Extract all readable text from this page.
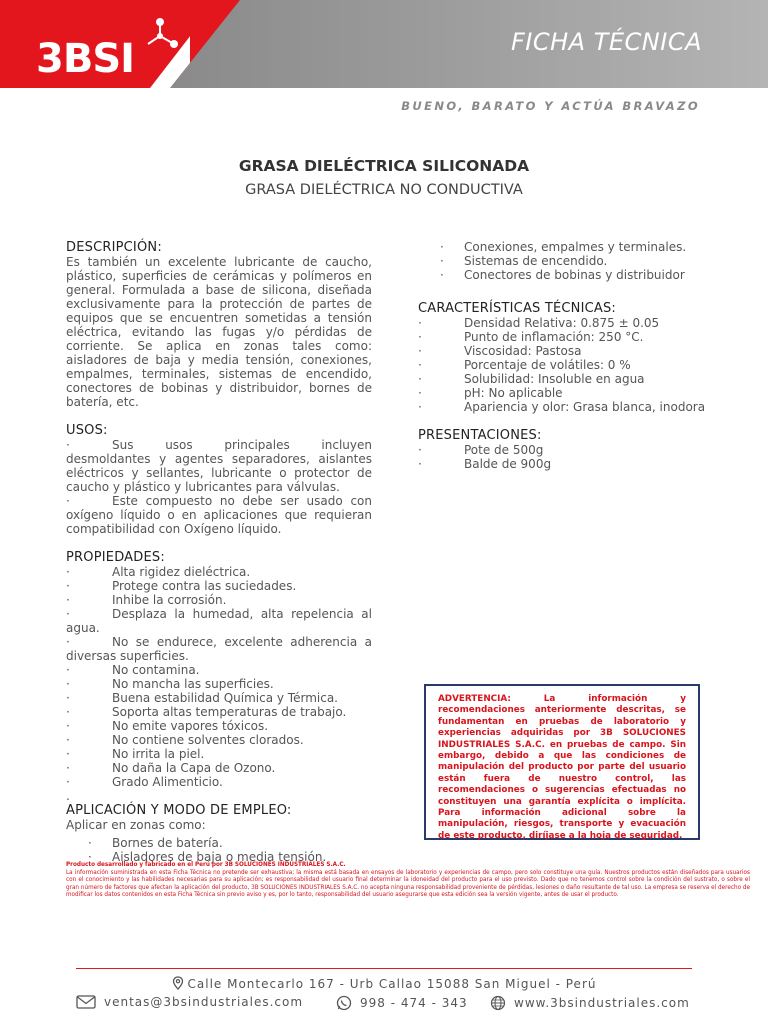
3BSI	FICHA TÉCNICA
BUENO, BARATO Y ACTÚA BRAVAZO
GRASA DIELÉCTRICA SILICONADA
GRASA DIELÉCTRICA NO CONDUCTIVA

DESCRIPCIÓN:

Es también un excelente lubricante de caucho, plástico, superficies de cerámicas y polímeros en general. Formulada a base de silicona, diseñada exclusivamente para la protección de partes de equipos que se encuentren sometidas a tensión eléctrica, evitando las fugas y/o pérdidas de corriente. Se aplica en zonas tales como: aisladores de baja y media tensión, conexiones, empalmes, terminales, sistemas de encendido, conectores de bobinas y distribuidor, bornes de batería, etc.

USOS:

·	Sus usos principales incluyen desmoldantes y agentes separadores, aislantes eléctricos y sellantes, lubricante o protector de caucho y plástico y lubricantes para válvulas.

·	Este compuesto no debe ser usado con oxígeno líquido o en aplicaciones que requieran compatibilidad con Oxígeno líquido.

PROPIEDADES:

·	Alta rigidez dieléctrica.

·	Protege contra las suciedades.

·	Inhibe la corrosión.

·	Desplaza la humedad, alta repelencia al agua.

·	No se endurece, excelente adherencia a diversas superficies.

·	No contamina.

·	No mancha las superficies.

·	Buena estabilidad Química y Térmica.

·	Soporta altas temperaturas de trabajo.

·	No emite vapores tóxicos.

·	No contiene solventes clorados.

·	No irrita la piel.

·	No daña la Capa de Ozono.

·	Grado Alimenticio.

.

APLICACIÓN Y MODO DE EMPLEO:

Aplicar en zonas como:

·	Bornes de batería.

·	Aisladores de baja o media tensión.

·	Conexiones, empalmes y terminales.

·	Sistemas de encendido.

·	Conectores de bobinas y distribuidor

CARACTERÍSTICAS TÉCNICAS:

·	Densidad Relativa: 0.875 ± 0.05

·	Punto de inflamación: 250 °C.

·	Viscosidad: Pastosa

·	Porcentaje de volátiles: 0 %

·	Solubilidad: Insoluble en agua

·	pH: No aplicable

·	Apariencia y olor: Grasa blanca, inodora

PRESENTACIONES:

·	Pote de 500g

·	Balde de 900g

ADVERTENCIA: La información y recomendaciones anteriormente descritas, se fundamentan en pruebas de laboratorio y experiencias adquiridas por 3B SOLUCIONES INDUSTRIALES S.A.C. en pruebas de campo. Sin embargo, debido a que las condiciones de manipulación del producto por parte del usuario están fuera de nuestro control, las recomendaciones o sugerencias efectuadas no constituyen una garantía explícita o implícita. Para información adicional sobre la manipulación, riesgos, transporte y evacuación de este producto, diríjase a la hoja de seguridad.
Producto desarrollado y fabricado en el Perú por 3B SOLUCIONES INDUSTRIALES S.A.C.
La información suministrada en esta Ficha Técnica no pretende ser exhaustiva; la misma está basada en ensayos de laboratorio y experiencias de campo, pero solo constituye una guía. Nuestros productos están diseñados para usuarios con el conocimiento y las habilidades necesarias para su aplicación; es responsabilidad del usuario final determinar la idoneidad del producto para el uso previsto. Dado que no tenemos control sobre la condición del sustrato, o sobre el gran número de factores que afectan la aplicación del producto, 3B SOLUCIONES INDUSTRIALES S.A.C. no acepta ninguna responsabilidad proveniente de pérdidas, lesiones o daño resultante de tal uso. La empresa se reserva el derecho de modificar los datos contenidos en esta Ficha Técnica sin previo aviso y es, por lo tanto, responsabilidad del usuario asegurarse que esta edición sea la versión vigente, antes de usar el producto.
Calle Montecarlo 167 - Urb Callao 15088 San Miguel - Perú
ventas@3bsindustriales.com	998 - 474 - 343	www.3bsindustriales.com
